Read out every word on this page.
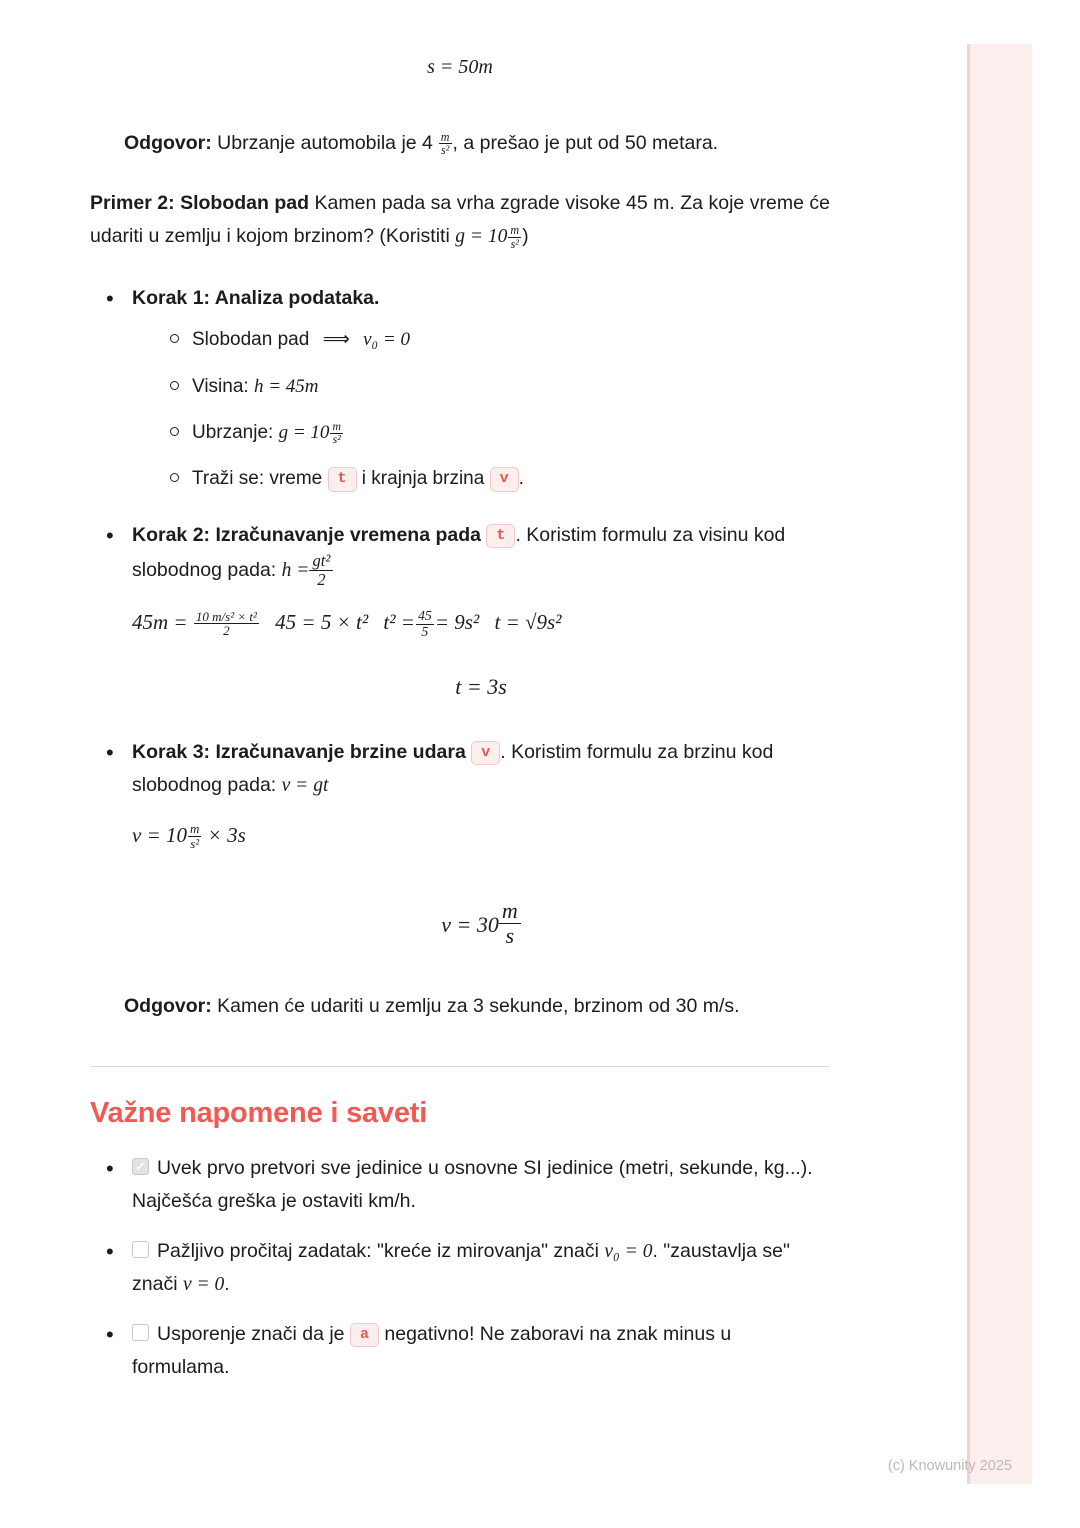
s = 50m

Odgovor: Ubrzanje automobila je $4 \frac{m}{\text{s²}}$ , a prešao je put od 50 metara.

Primer 2: Slobodan pad Kamen pada sa vrha zgrade visoke 45 m. Za koje vreme će udariti u zemlju i kojom brzinom? (Koristiti $g = 10 \frac{m}{\text{s²}}$ )

• Korak 1: Analiza podataka.
Slobodan pad ⟹ v₀ = 0
Visina: h = 45m
Ubrzanje: $g = 10 \frac{m}{\text{s²}}$
Traži se: vreme t i krajnja brzina v .
• Korak 2: Izračunavanje vremena pada t . Koristim formulu za visinu kod slobodnog pada: $h = \frac{\text{gt²}}{2}$
$45m = \frac{\text{10 m/s² × t²}}{2} 45 = 5 \times t^2$ $t^2 = \frac{45}{5} = 9s^2$ t = √9s²
t = 3s
• Korak 3: Izračunavanje brzine udara v . Koristim formulu za brzinu kod slobodnog pada: v = gt
$v = 10 \frac{m}{\text{s²}} \times 3s$
$v = 30 \frac{m}{s}$

Odgovor: Kamen će udariti u zemlju za 3 sekunde, brzinom od 30 m/s.

Važne napomene i saveti
✓• Uvek prvo pretvori sve jedinice u osnovne SI jedinice (metri, sekunde, kg...). Najčešća greška je ostaviti km/h.
• Pažljivo pročitaj zadatak: "kreće iz mirovanja" znači v₀ = 0. "zaustavlja se" znači v = 0.
• Usporenje znači da je a negativno! Ne zaboravi na znak minus u formulama.
(c) Knowunity 2025
